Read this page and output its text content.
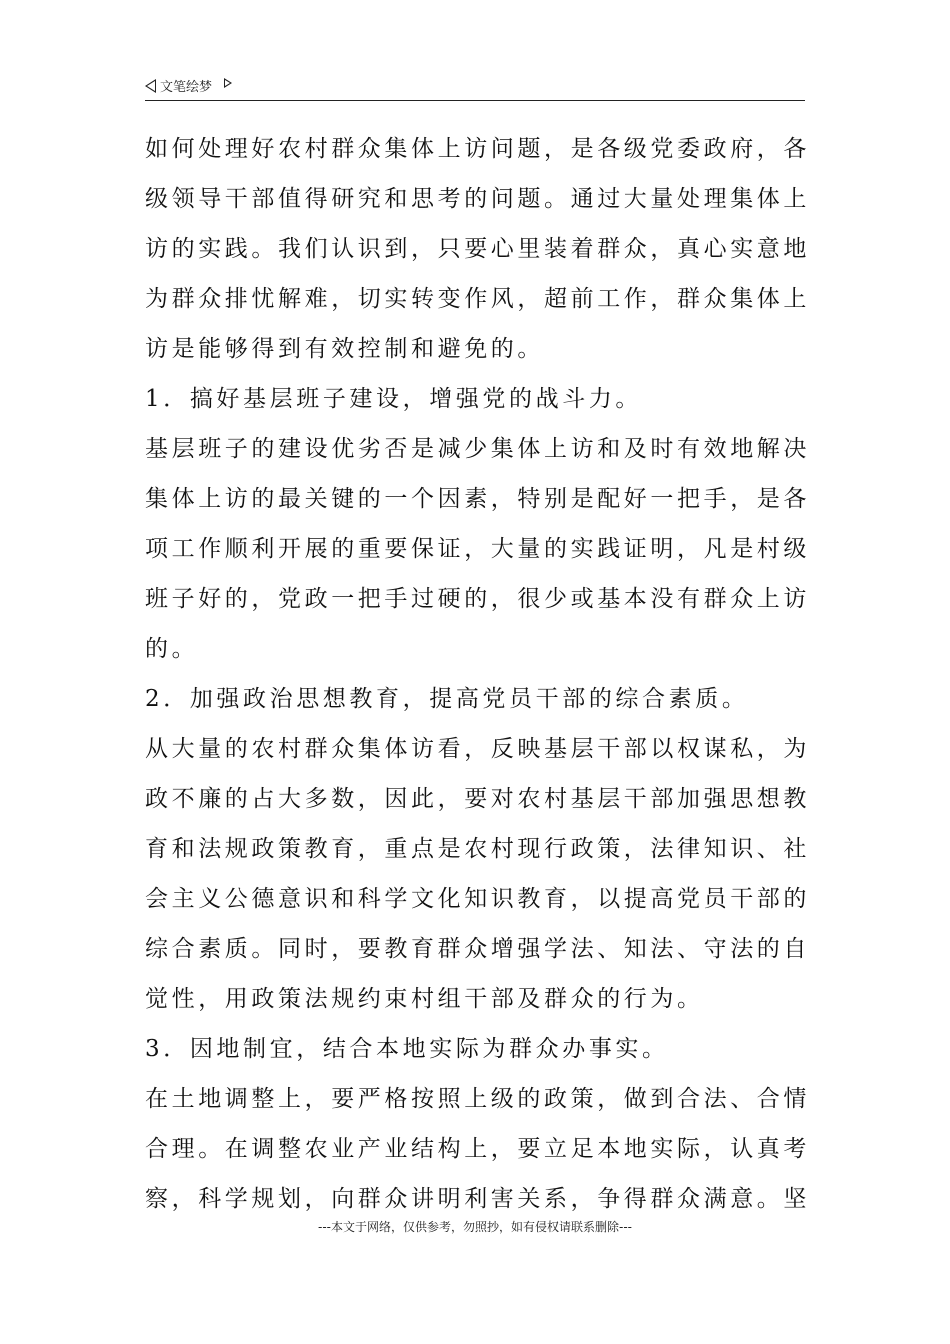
文笔绘梦

如何处理好农村群众集体上访问题，是各级党委政府，各级领导干部值得研究和思考的问题。通过大量处理集体上访的实践。我们认识到，只要心里装着群众，真心实意地为群众排忧解难，切实转变作风，超前工作，群众集体上访是能够得到有效控制和避免的。

1．搞好基层班子建设，增强党的战斗力。

基层班子的建设优劣否是减少集体上访和及时有效地解决集体上访的最关键的一个因素，特别是配好一把手，是各项工作顺利开展的重要保证，大量的实践证明，凡是村级班子好的，党政一把手过硬的，很少或基本没有群众上访的。

2．加强政治思想教育，提高党员干部的综合素质。

从大量的农村群众集体访看，反映基层干部以权谋私，为政不廉的占大多数，因此，要对农村基层干部加强思想教育和法规政策教育，重点是农村现行政策，法律知识、社会主义公德意识和科学文化知识教育，以提高党员干部的综合素质。同时，要教育群众增强学法、知法、守法的自觉性，用政策法规约束村组干部及群众的行为。

3．因地制宜，结合本地实际为群众办事实。

在土地调整上，要严格按照上级的政策，做到合法、合情合理。在调整农业产业结构上，要立足本地实际，认真考察，科学规划，向群众讲明利害关系，争得群众满意。坚

---本文于网络，仅供参考，勿照抄，如有侵权请联系删除---
